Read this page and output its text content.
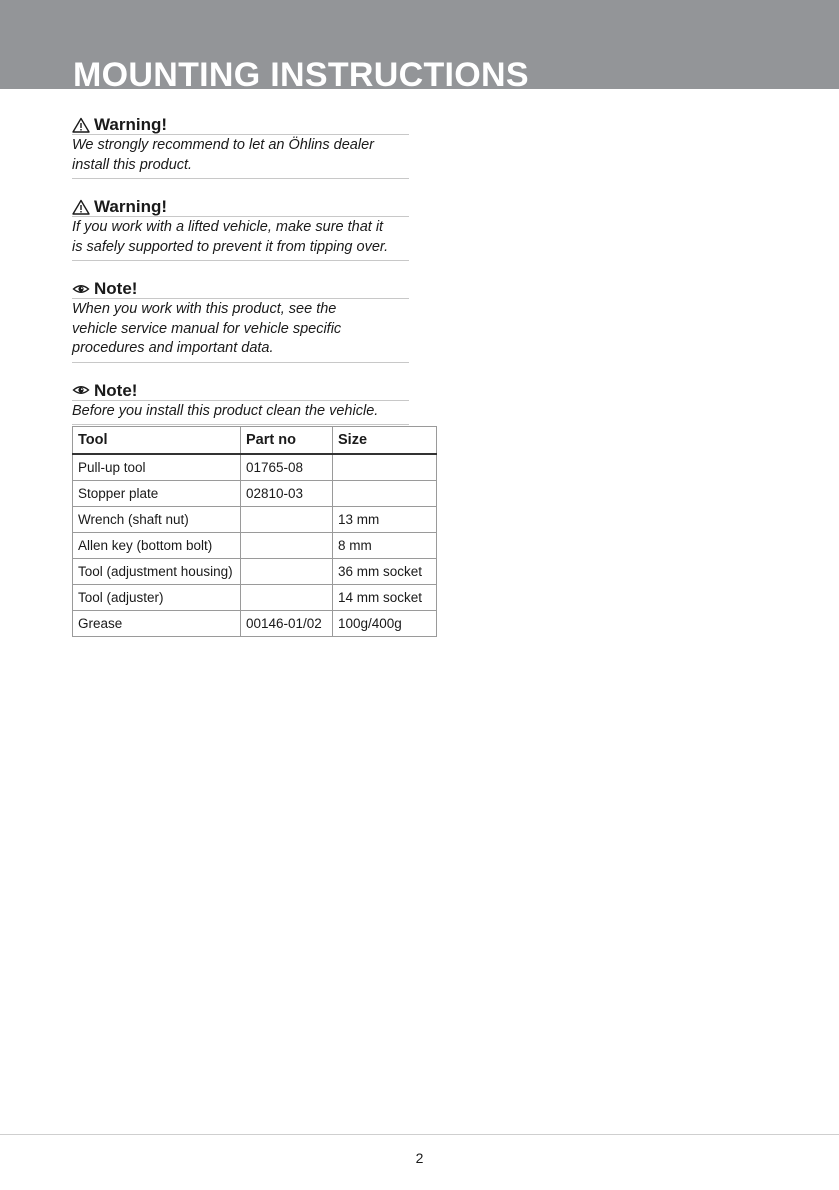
MOUNTING INSTRUCTIONS
Warning!
We strongly recommend to let an Öhlins dealer
install this product.
Warning!
If you work with a lifted vehicle, make sure that it
is safely supported to prevent it from tipping over.
Note!
When you work with this product, see the
vehicle service manual for vehicle specific
procedures and important data.
Note!
Before you install this product clean the vehicle.
Tool	Part no	Size
Pull-up tool	01765-08	
Stopper plate	02810-03	
Wrench (shaft nut)		13 mm
Allen key (bottom bolt)		8 mm
Tool (adjustment housing)		36 mm socket
Tool (adjuster)		14 mm socket
Grease	00146-01/02	100g/400g
2
